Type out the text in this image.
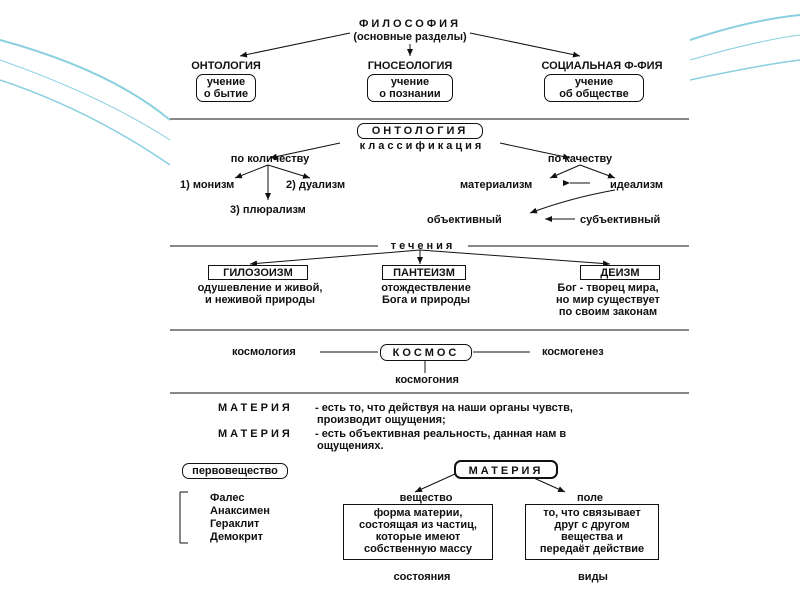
ФИЛОСОФИЯ
(основные разделы)
ОНТОЛОГИЯ
учение
о бытие
ГНОСЕОЛОГИЯ
учение
о познании
СОЦИАЛЬНАЯ Ф-ФИЯ
учение
об обществе
ОНТОЛОГИЯ
классификация
по количеству
1) монизм	2) дуализм
3) плюрализм
по качеству
материализм	идеализм
объективный	субъективный
течения
ГИЛОЗОИЗМ
одушевление и живой,
и неживой природы
ПАНТЕИЗМ
отождествление
Бога и природы
ДЕИЗМ
Бог - творец мира,
но мир существует
по своим законам
космология	КОСМОС	космогенез
космогония
МАТЕРИЯ - есть то, что действуя на наши органы чувств,
производит ощущения;
МАТЕРИЯ - есть объективная реальность, данная нам в
ощущениях.
первовещество	МАТЕРИЯ
Фалес
Анаксимен
Гераклит
Демокрит
вещество
форма материи,
состоящая из частиц,
которые имеют
собственную массу
поле
то, что связывает
друг с другом
вещества и
передаёт действие
состояния	виды
